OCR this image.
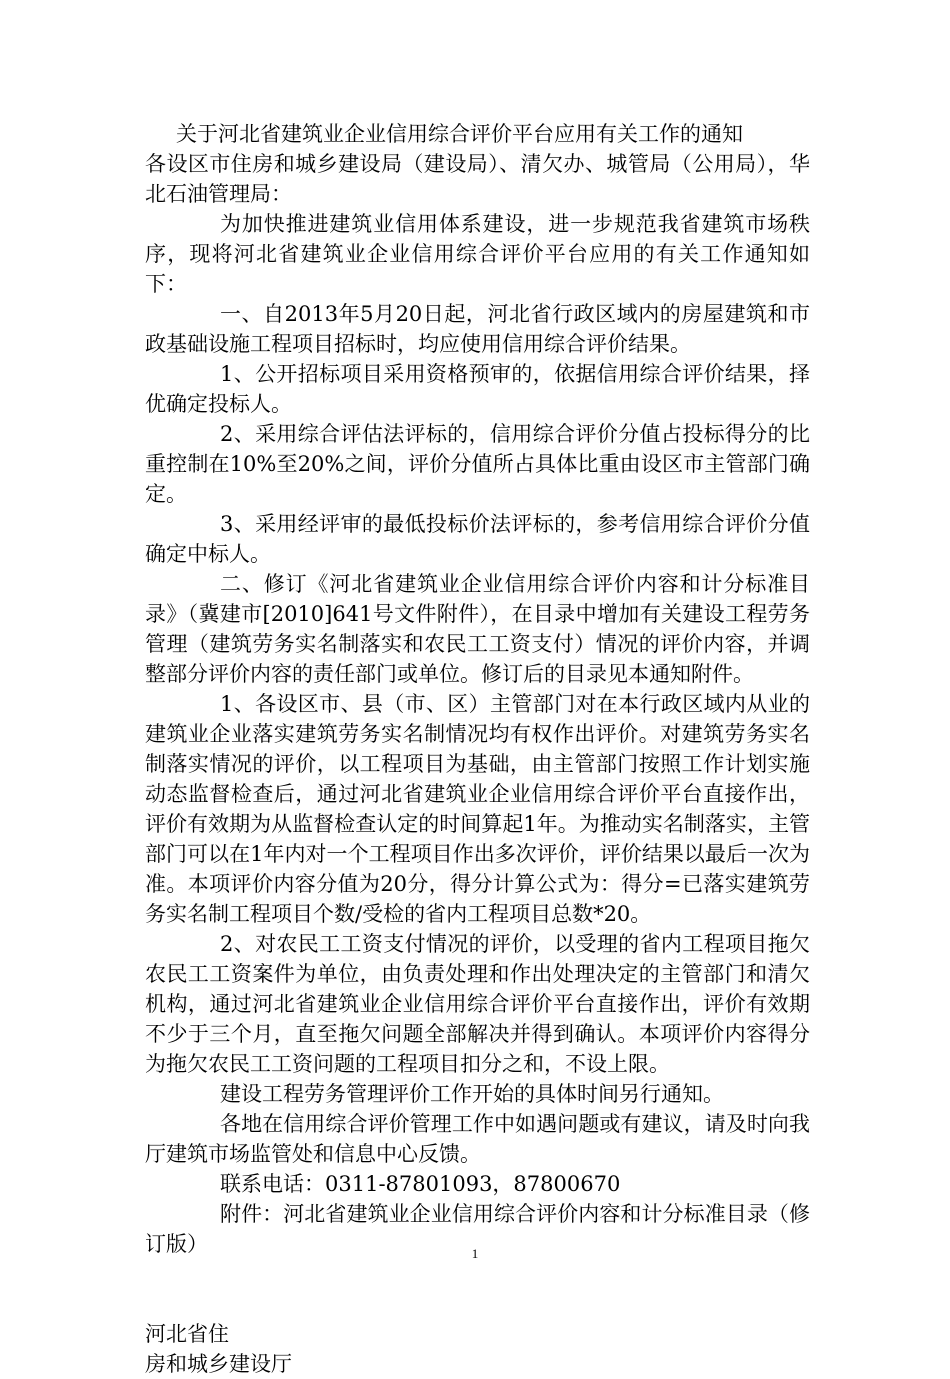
关于河北省建筑业企业信用综合评价平台应用有关工作的通知

各设区市住房和城乡建设局（建设局）、清欠办、城管局（公用局），华北石油管理局：

为加快推进建筑业信用体系建设，进一步规范我省建筑市场秩序，现将河北省建筑业企业信用综合评价平台应用的有关工作通知如下：

一、自2013年5月20日起，河北省行政区域内的房屋建筑和市政基础设施工程项目招标时，均应使用信用综合评价结果。

1、公开招标项目采用资格预审的，依据信用综合评价结果，择优确定投标人。

2、采用综合评估法评标的，信用综合评价分值占投标得分的比重控制在10%至20%之间，评价分值所占具体比重由设区市主管部门确定。

3、采用经评审的最低投标价法评标的，参考信用综合评价分值确定中标人。

二、修订《河北省建筑业企业信用综合评价内容和计分标准目录》（冀建市[2010]641号文件附件），在目录中增加有关建设工程劳务管理（建筑劳务实名制落实和农民工工资支付）情况的评价内容，并调整部分评价内容的责任部门或单位。修订后的目录见本通知附件。

1、各设区市、县（市、区）主管部门对在本行政区域内从业的建筑业企业落实建筑劳务实名制情况均有权作出评价。对建筑劳务实名制落实情况的评价，以工程项目为基础，由主管部门按照工作计划实施动态监督检查后，通过河北省建筑业企业信用综合评价平台直接作出，评价有效期为从监督检查认定的时间算起1年。为推动实名制落实，主管部门可以在1年内对一个工程项目作出多次评价，评价结果以最后一次为准。本项评价内容分值为20分，得分计算公式为：得分=已落实建筑劳务实名制工程项目个数/受检的省内工程项目总数*20。

2、对农民工工资支付情况的评价，以受理的省内工程项目拖欠农民工工资案件为单位，由负责处理和作出处理决定的主管部门和清欠机构，通过河北省建筑业企业信用综合评价平台直接作出，评价有效期不少于三个月，直至拖欠问题全部解决并得到确认。本项评价内容得分为拖欠农民工工资问题的工程项目扣分之和，不设上限。

建设工程劳务管理评价工作开始的具体时间另行通知。

各地在信用综合评价管理工作中如遇问题或有建议，请及时向我厅建筑市场监管处和信息中心反馈。

联系电话：0311-87801093，87800670

附件：河北省建筑业企业信用综合评价内容和计分标准目录（修订版）

河北省住

房和城乡建设厅

1
